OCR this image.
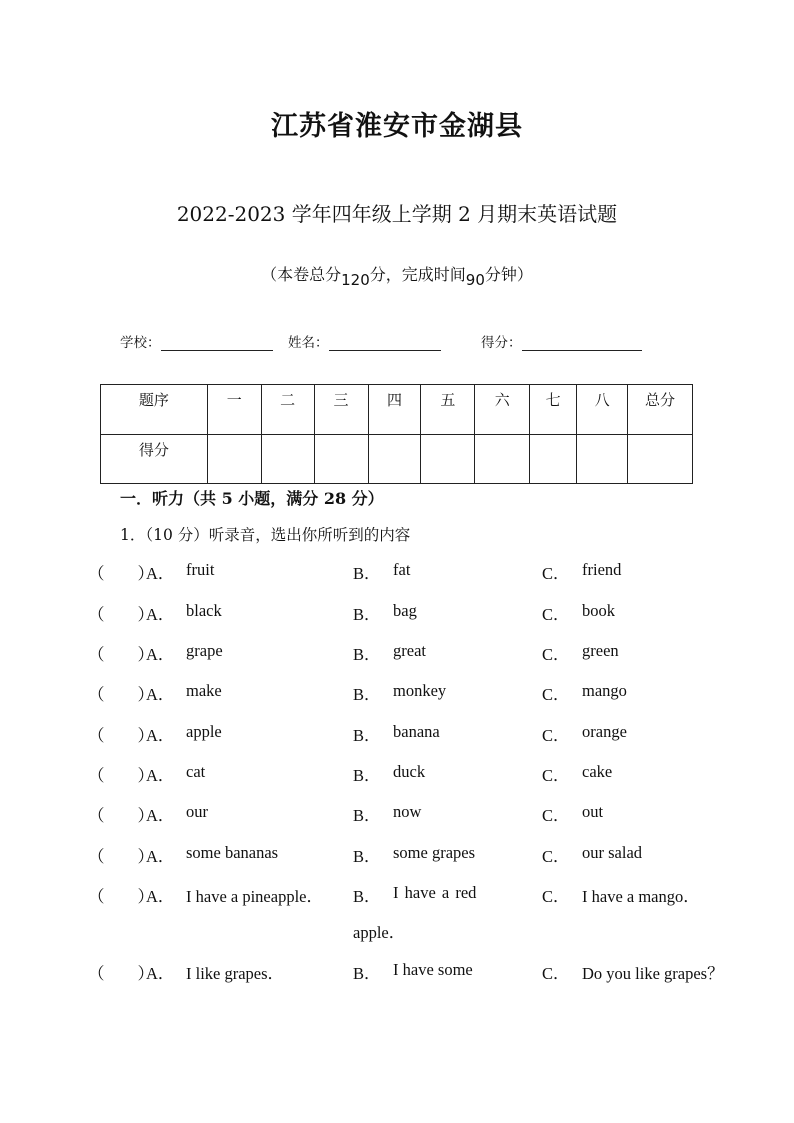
江苏省淮安市金湖县
2022-2023 学年四年级上学期 2 月期末英语试题
（本卷总分120分，完成时间90分钟）
学校：	姓名：	得分：
题序	一	二	三	四	五	六	七	八	总分
得分									
一．听力（共 5 小题，满分 28 分）
1．（10 分）听录音，选出你所听到的内容
（　　）
A． fruit	B． fat	C． friend
（　　）
A． black	B． bag	C． book
（　　）
A． grape	B． great	C． green
（　　）
A． make	B． monkey	C． mango
（　　）
A． apple	B． banana	C． orange
（　　）
A． cat	B． duck	C． cake
（　　）
A． our	B． now	C． out
（　　）
A． some bananas	B． some grapes	C． our salad
（　　）
A． I have a pineapple． B． I have a red	C． I have a mango．
apple．
（　　）
A． I like grapes．	B． I have some	C． Do you like grapes？
